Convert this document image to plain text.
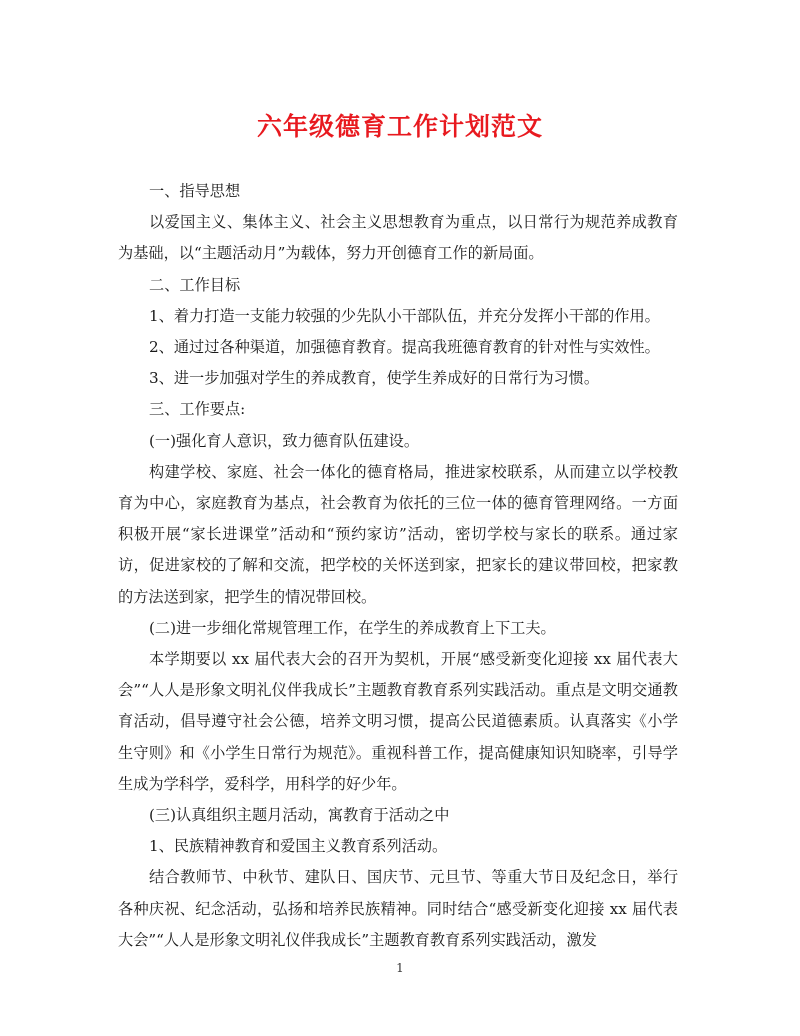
六年级德育工作计划范文

一、指导思想

以爱国主义、集体主义、社会主义思想教育为重点，以日常行为规范养成教育为基础，以“主题活动月”为载体，努力开创德育工作的新局面。

二、工作目标

1、着力打造一支能力较强的少先队小干部队伍，并充分发挥小干部的作用。

2、通过过各种渠道，加强德育教育。提高我班德育教育的针对性与实效性。

3、进一步加强对学生的养成教育，使学生养成好的日常行为习惯。

三、工作要点:

(一)强化育人意识，致力德育队伍建设。

构建学校、家庭、社会一体化的德育格局，推进家校联系，从而建立以学校教育为中心，家庭教育为基点，社会教育为依托的三位一体的德育管理网络。一方面积极开展“家长进课堂”活动和“预约家访”活动，密切学校与家长的联系。通过家访，促进家校的了解和交流，把学校的关怀送到家，把家长的建议带回校，把家教的方法送到家，把学生的情况带回校。

(二)进一步细化常规管理工作，在学生的养成教育上下工夫。

本学期要以 xx 届代表大会的召开为契机，开展“感受新变化迎接 xx 届代表大会”“人人是形象文明礼仪伴我成长”主题教育教育系列实践活动。重点是文明交通教育活动，倡导遵守社会公德，培养文明习惯，提高公民道德素质。认真落实《小学生守则》和《小学生日常行为规范》。重视科普工作，提高健康知识知晓率，引导学生成为学科学，爱科学，用科学的好少年。

(三)认真组织主题月活动，寓教育于活动之中

1、民族精神教育和爱国主义教育系列活动。

结合教师节、中秋节、建队日、国庆节、元旦节、等重大节日及纪念日，举行各种庆祝、纪念活动，弘扬和培养民族精神。同时结合“感受新变化迎接 xx 届代表大会”“人人是形象文明礼仪伴我成长”主题教育教育系列实践活动，激发

1
